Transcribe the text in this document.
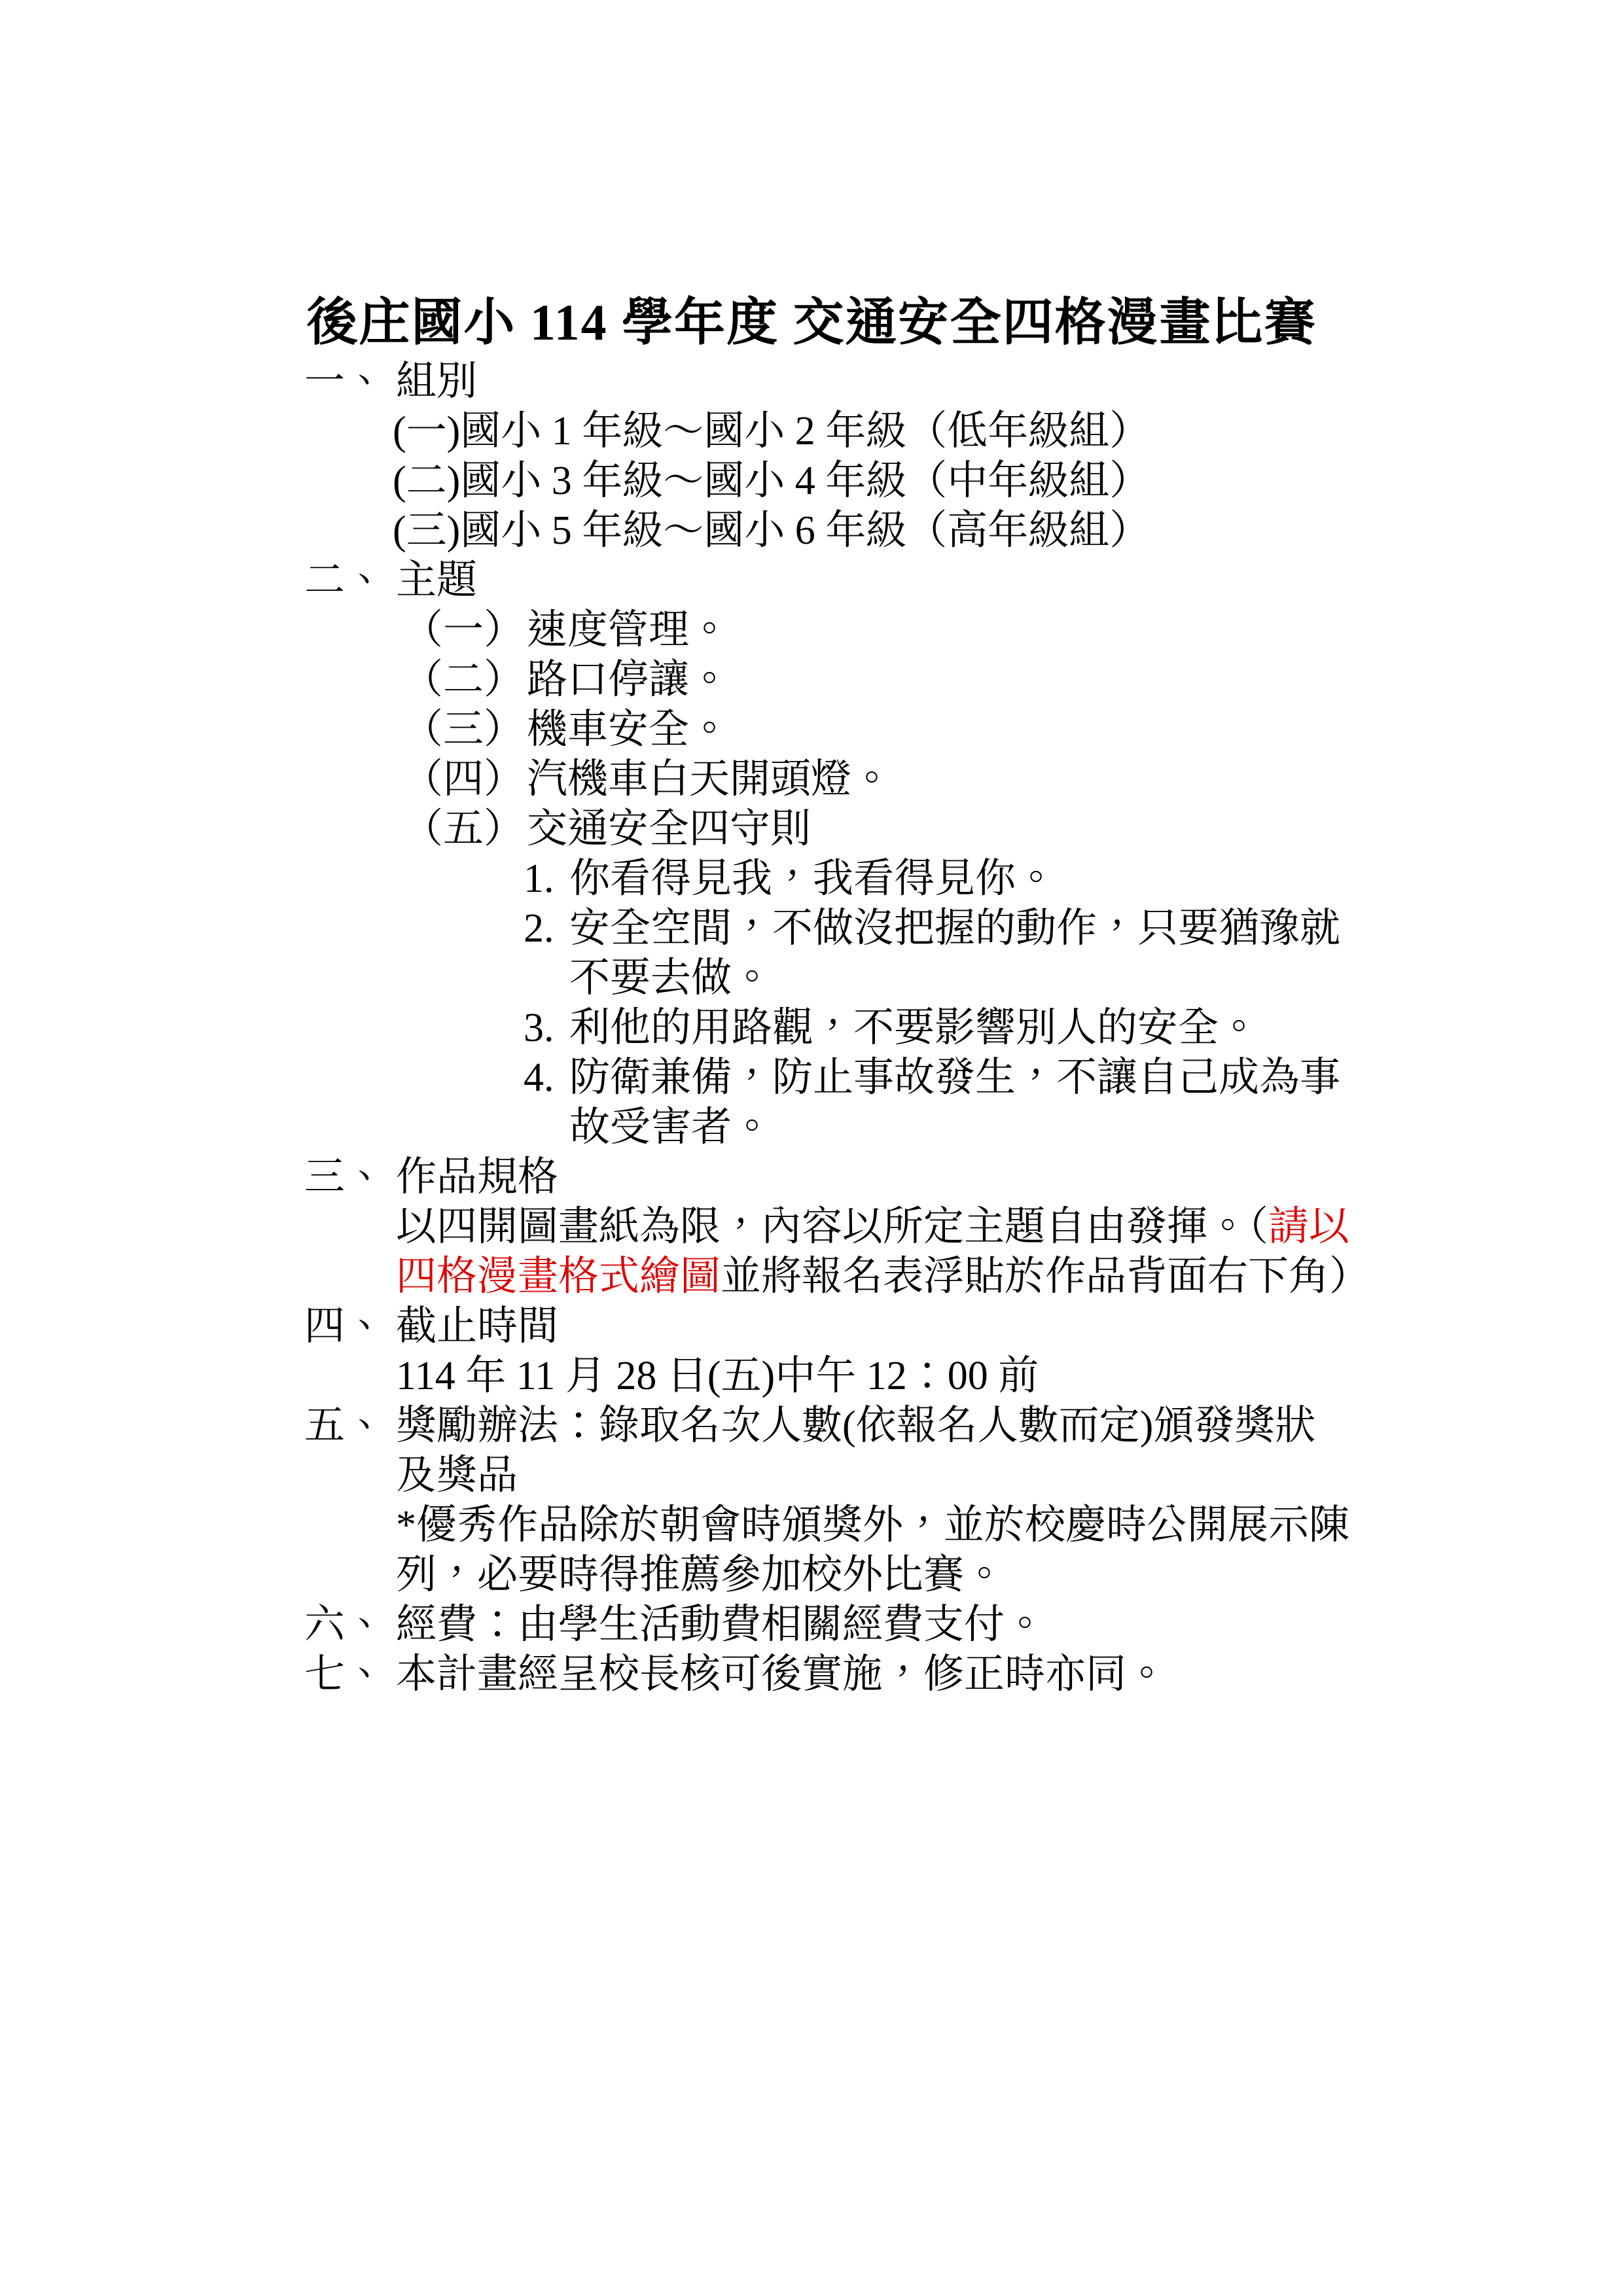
後庄國小 114 學年度 交通安全四格漫畫比賽
一、 組別
(一)國小 1 年級～國小 2 年級（低年級組）
(二)國小 3 年級～國小 4 年級（中年級組）
(三)國小 5 年級～國小 6 年級（高年級組）
二、 主題
（一）速度管理。
（二）路口停讓。
（三）機車安全。
（四）汽機車白天開頭燈。
（五）交通安全四守則
1. 你看得見我，我看得見你。
2. 安全空間，不做沒把握的動作，只要猶豫就
不要去做。
3. 利他的用路觀，不要影響別人的安全。
4. 防衛兼備，防止事故發生，不讓自己成為事
故受害者。
三、 作品規格
以四開圖畫紙為限，內容以所定主題自由發揮。（請以
四格漫畫格式繪圖並將報名表浮貼於作品背面右下角）
四、 截止時間
114 年 11 月 28 日(五)中午 12：00 前
五、 獎勵辦法：錄取名次人數(依報名人數而定)頒發獎狀
及獎品
*優秀作品除於朝會時頒獎外，並於校慶時公開展示陳
列，必要時得推薦參加校外比賽。
六、 經費：由學生活動費相關經費支付。
七、 本計畫經呈校長核可後實施，修正時亦同。
